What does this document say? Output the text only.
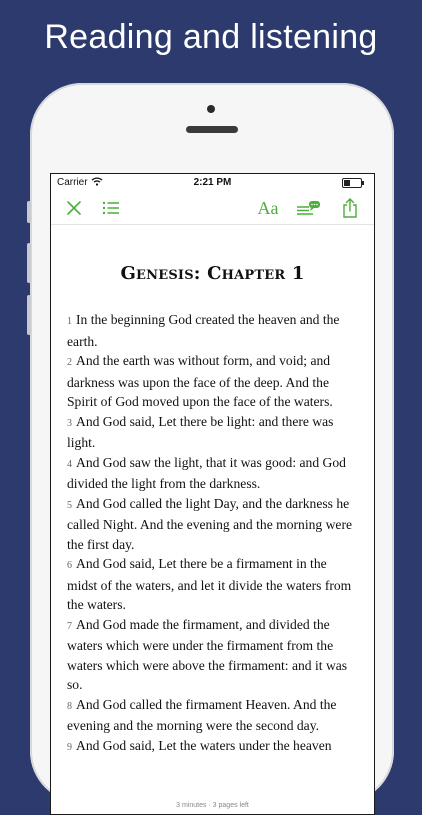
Reading and listening
Carrier	2:21 PM
Aa
Genesis: Chapter 1

1 In the beginning God created the heaven and the earth.

2 And the earth was without form, and void; and darkness was upon the face of the deep. And the Spirit of God moved upon the face of the waters.

3 And God said, Let there be light: and there was light.

4 And God saw the light, that it was good: and God divided the light from the darkness.

5 And God called the light Day, and the darkness he called Night. And the evening and the morning were the first day.

6 And God said, Let there be a firmament in the midst of the waters, and let it divide the waters from the waters.

7 And God made the firmament, and divided the waters which were under the firmament from the waters which were above the firmament: and it was so.

8 And God called the firmament Heaven. And the evening and the morning were the second day.

9 And God said, Let the waters under the heaven

3 minutes · 3 pages left
